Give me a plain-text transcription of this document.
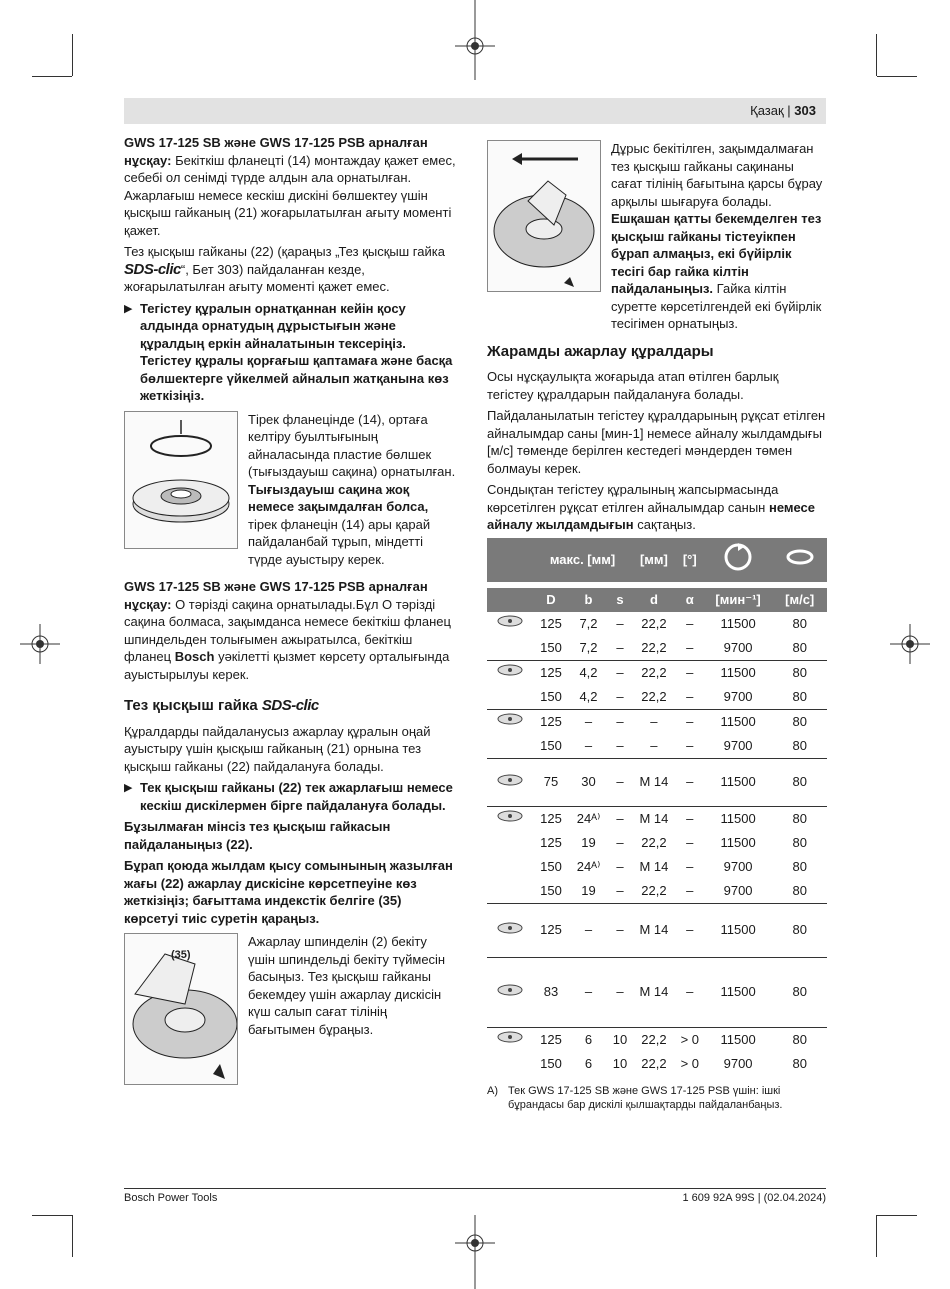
Қазақ | 303

GWS 17-125 SB және GWS 17-125 PSB арналған нұсқау: Бекіткіш фланецті (14) монтаждау қажет емес, себебі ол сенімді түрде алдын ала орнатылған. Ажарлағыш немесе кескіш дискіні бөлшектеу үшін қысқыш гайканың (21) жоғарылатылған ағыту моменті қажет.

Тез қысқыш гайканы (22) (қараңыз „Тез қысқыш гайка SDS-clic“, Бет 303) пайдаланған кезде, жоғарылатылған ағыту моменті қажет емес.

▶ Тегістеу құралын орнатқаннан кейін қосу алдында орнатудың дұрыстығын және құралдың еркін айналатынын тексеріңіз. Тегістеу құралы қорғағыш қаптамаға және басқа бөлшектерге үйкелмей айналып жатқанына көз жеткізіңіз.
Тірек фланецінде (14), ортаға келтіру буылтығының айналасында пластие бөлшек (тығыздауыш сақина) орнатылған. Тығыздауыш сақина жоқ немесе зақымдалған болса, тірек фланецін (14) ары қарай пайдаланбай тұрып, міндетті түрде ауыстыру керек.

GWS 17-125 SB және GWS 17-125 PSB арналған нұсқау: О тәрізді сақина орнатылады.Бұл О тәрізді сақина болмаса, зақымданса немесе бекіткіш фланец шпиндельден толығымен ажыратылса, бекіткіш фланец Bosch уәкілетті қызмет көрсету орталығында ауыстырылуы керек.

Тез қысқыш гайка SDS-clic

Құралдарды пайдаланусыз ажарлау құралын оңай ауыстыру үшін қысқыш гайканың (21) орнына тез қысқыш гайканы (22) пайдалануға болады.

▶ Тек қысқыш гайканы (22) тек ажарлағыш немесе кескіш дискілермен бірге пайдалануға болады.

Бұзылмаған мінсіз тез қысқыш гайкасын пайдаланыңыз (22).

Бұрап қоюда жылдам қысу сомынының жазылған жағы (22) ажарлау дискісіне көрсетпеуіне көз жеткізіңіз; бағыттама индекстік белгіге (35) көрсетуі тиіс суретін қараңыз.

(35)
Ажарлау шпинделін (2) бекіту үшін шпиндельді бекіту түймесін басыңыз. Тез қысқыш гайканы бекемдеу үшін ажарлау дискісін күш салып сағат тілінің бағытымен бұраңыз.
Дұрыс бекітілген, зақымдалмаған тез қысқыш гайканы сақинаны сағат тілінің бағытына қарсы бұрау арқылы шығаруға болады. Ешқашан қатты бекемделген тез қысқыш гайканы тістеуікпен бұрап алмаңыз, екі бүйірлік тесігі бар гайка кілтін пайдаланыңыз. Гайка кілтін суретте көрсетілгендей екі бүйірлік тесігімен орнатыңыз.
Жарамды ажарлау құралдары

Осы нұсқаулықта жоғарыда атап өтілген барлық тегістеу құралдарын пайдалануға болады.

Пайдаланылатын тегістеу құралдарының рұқсат етілген айналымдар саны [мин-1] немесе айналу жылдамдығы [м/с] төменде берілген кестедегі мәндерден төмен болмауы керек.

Сондықтан тегістеу құралының жапсырмасында көрсетілген рұқсат етілген айналымдар санын немесе айналу жылдамдығын сақтаңыз.

	макс. [мм]			[мм]	[°]		

	D	b	s	d	α	[мин⁻¹]	[м/с]
	125	7,2	–	22,2	–	11500	80
	150	7,2	–	22,2	–	9700	80
	125	4,2	–	22,2	–	11500	80
	150	4,2	–	22,2	–	9700	80
	125	–	–	–	–	11500	80
	150	–	–	–	–	9700	80
	75	30	–	M 14	–	11500	80
	125	24ᴬ⁾	–	M 14	–	11500	80
	125	19	–	22,2	–	11500	80
	150	24ᴬ⁾	–	M 14	–	9700	80
	150	19	–	22,2	–	9700	80
	125	–	–	M 14	–	11500	80
	83	–	–	M 14	–	11500	80
	125	6	10	22,2	> 0	11500	80
	150	6	10	22,2	> 0	9700	80
A) Тек GWS 17-125 SB және GWS 17-125 PSB үшін: ішкі бұрандасы бар дискілі қылшақтарды пайдаланбаңыз.
Bosch Power Tools	1 609 92A 99S | (02.04.2024)
